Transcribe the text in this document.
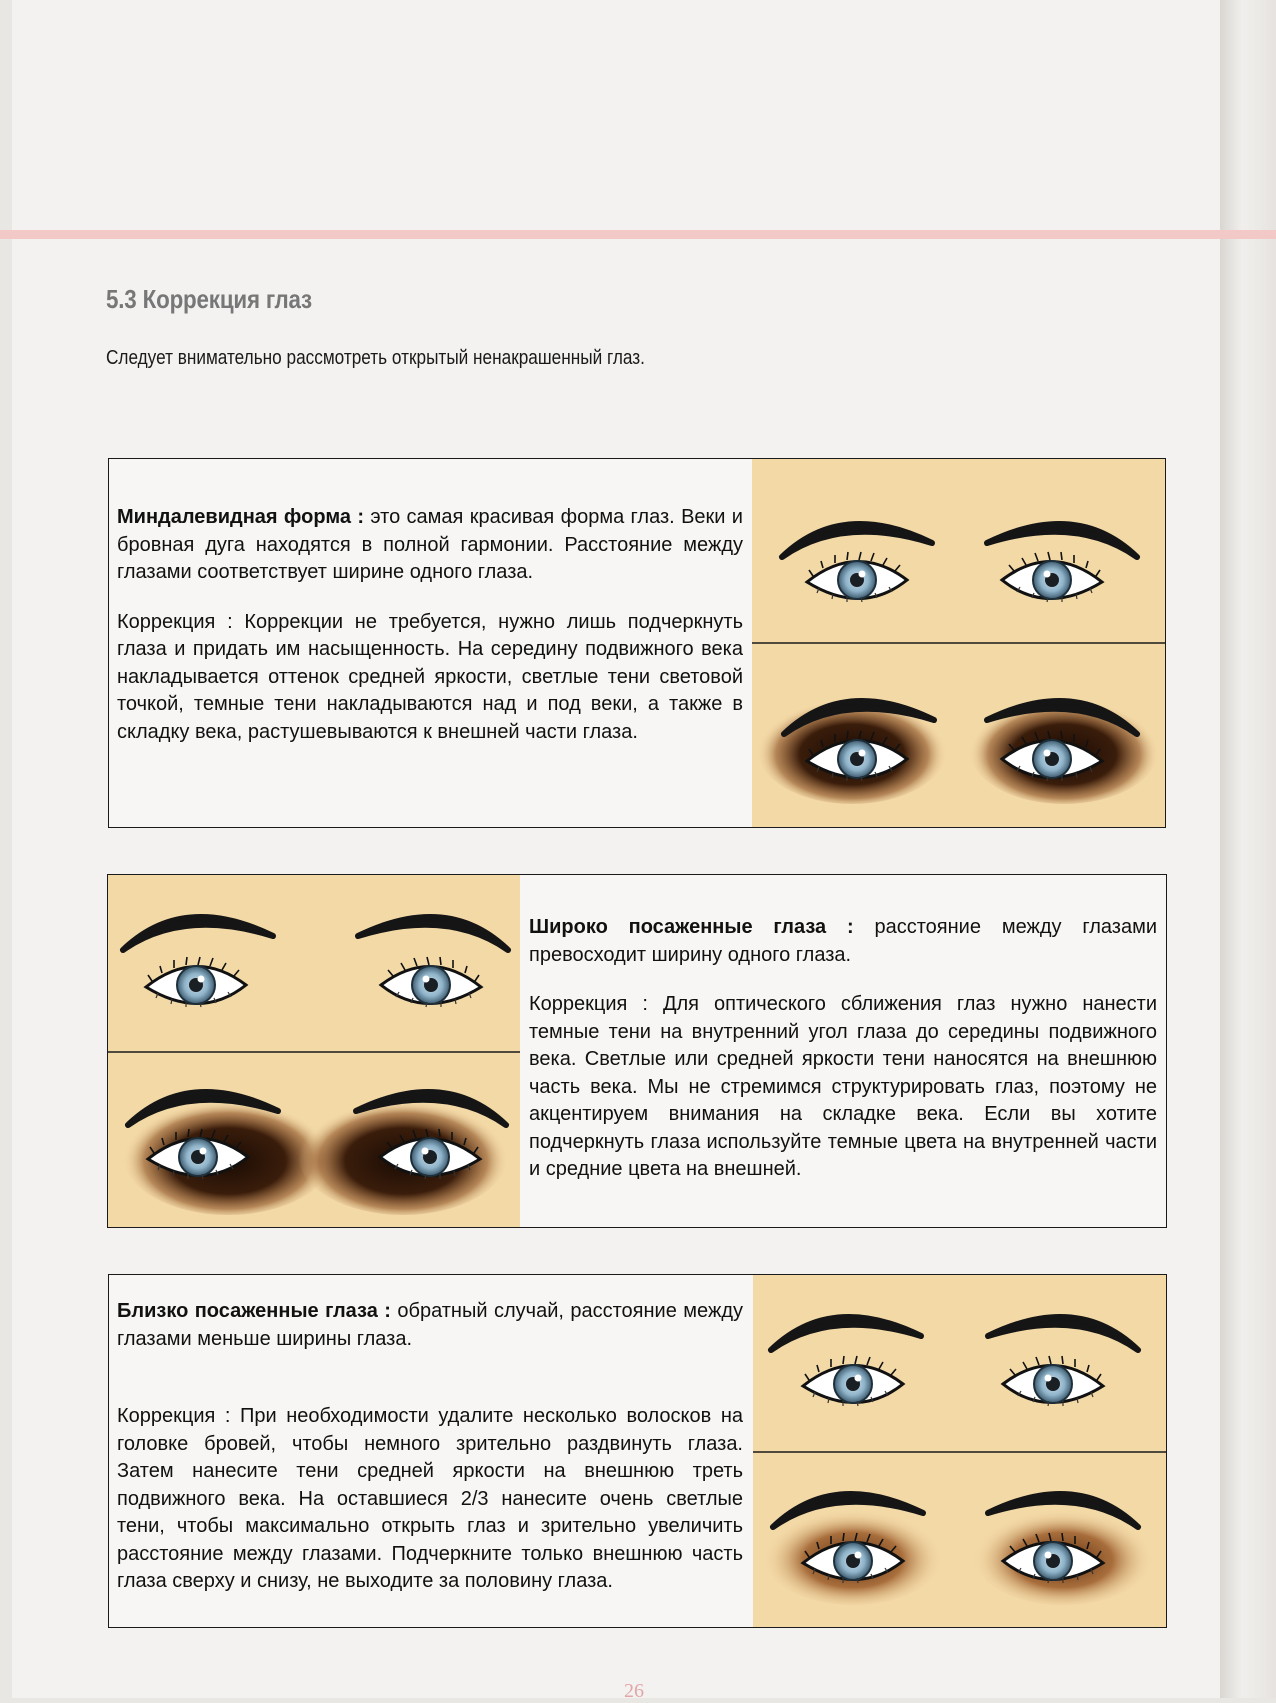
5.3 Коррекция глаз

Следует внимательно рассмотреть открытый ненакрашенный глаз.

Миндалевидная форма : это самая красивая форма глаз. Веки и бровная дуга находятся в полной гармонии. Расстояние между глазами соответствует ширине одного глаза.

Коррекция : Коррекции не требуется, нужно лишь подчеркнуть глаза и придать им насыщенность. На середину подвижного века накладывается оттенок средней яркости, светлые тени световой точкой, темные тени накладываются над и под веки, а также в складку века, растушевываются к внешней части глаза.

Широко посаженные глаза : расстояние между глазами превосходит ширину одного глаза.

Коррекция : Для оптического сближения глаз нужно нанести темные тени на внутренний угол глаза до середины подвижного века. Светлые или средней яркости тени наносятся на внешнюю часть века. Мы не стремимся структурировать глаз, поэтому не акцентируем внимания на складке века. Если вы хотите подчеркнуть глаза используйте темные цвета на внутренней части и средние цвета на внешней.

Близко посаженные глаза : обратный случай, расстояние между глазами меньше ширины глаза.

Коррекция : При необходимости удалите несколько волосков на головке бровей, чтобы немного зрительно раздвинуть глаза. Затем нанесите тени средней яркости на внешнюю треть подвижного века. На оставшиеся 2/3 нанесите очень светлые тени, чтобы максимально открыть глаз и зрительно увеличить расстояние между глазами. Подчеркните только внешнюю часть глаза сверху и снизу, не выходите за половину глаза.

26
